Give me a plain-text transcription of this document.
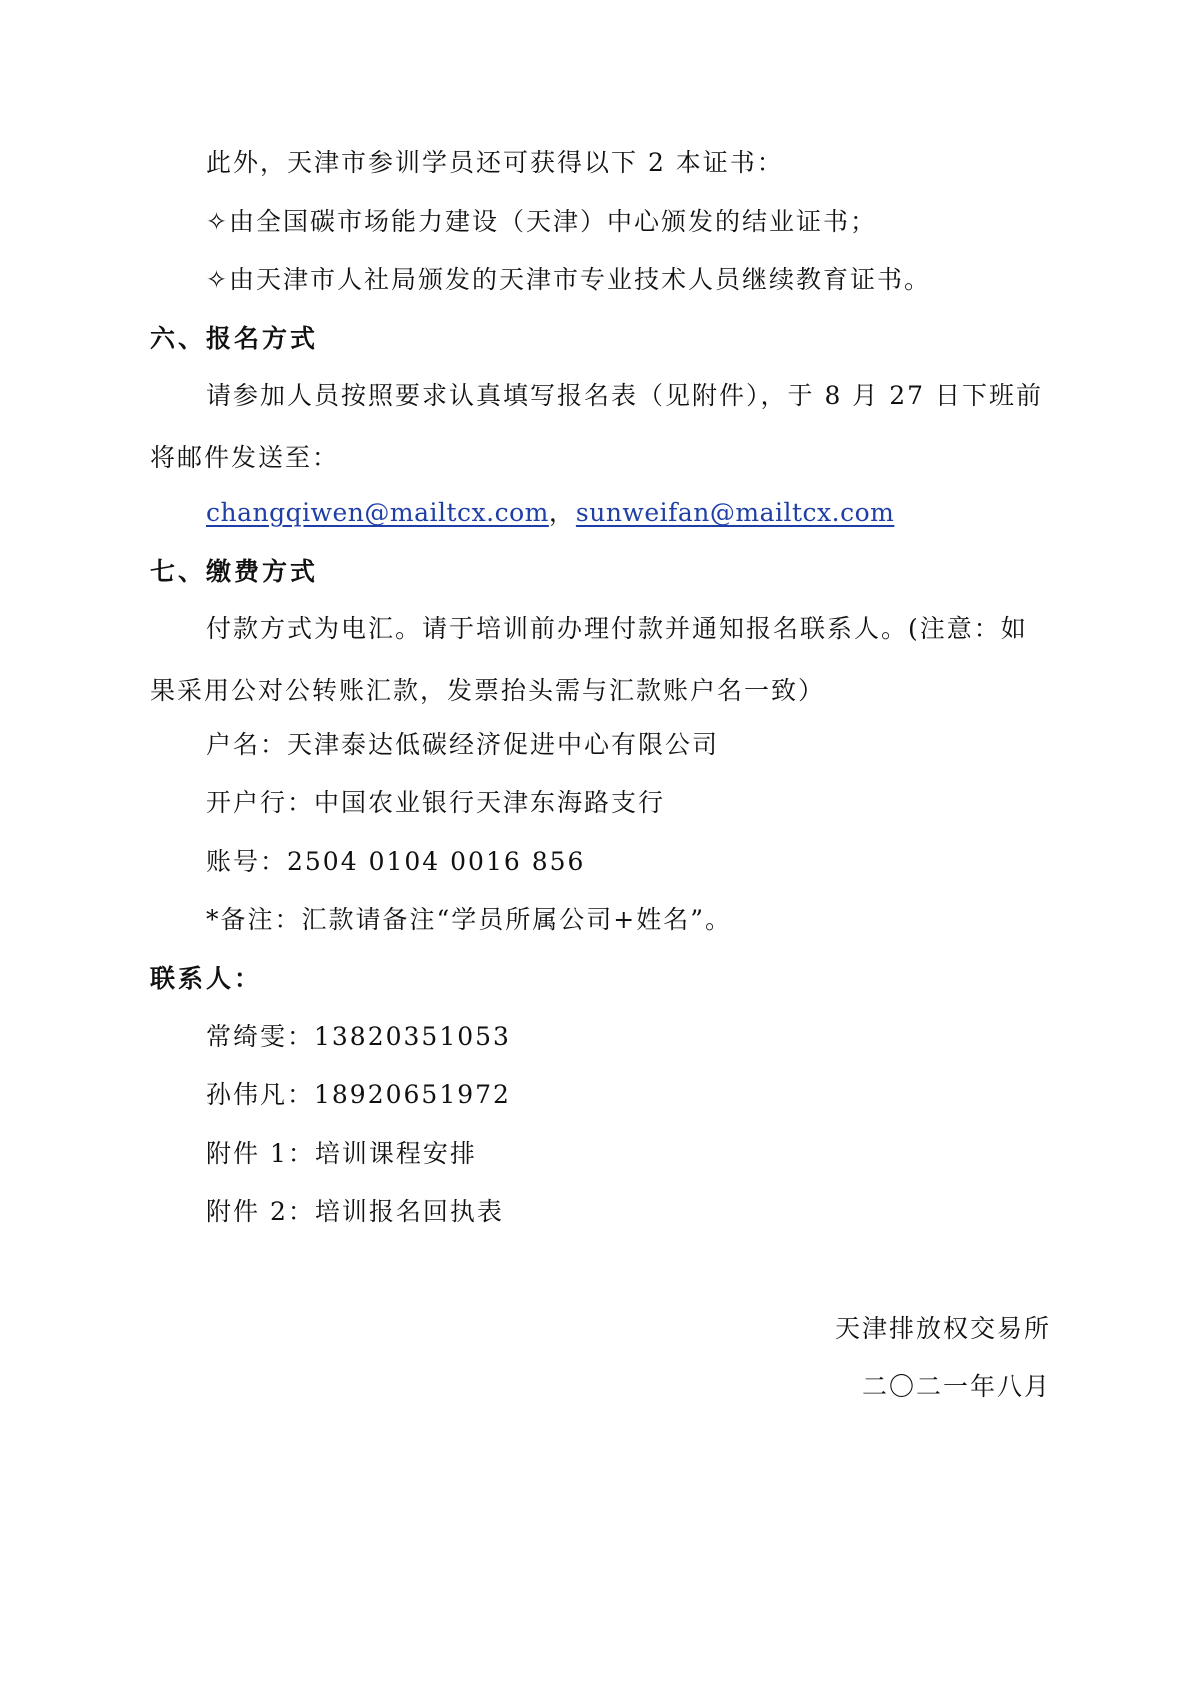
此外，天津市参训学员还可获得以下 2 本证书：
✧由全国碳市场能力建设（天津）中心颁发的结业证书；
✧由天津市人社局颁发的天津市专业技术人员继续教育证书。
六、报名方式
请参加人员按照要求认真填写报名表（见附件），于 8 月 27 日下班前将邮件发送至：
changqiwen@mailtcx.com，sunweifan@mailtcx.com
七、缴费方式
付款方式为电汇。请于培训前办理付款并通知报名联系人。(注意：如果采用公对公转账汇款，发票抬头需与汇款账户名一致）
户名：天津泰达低碳经济促进中心有限公司
开户行：中国农业银行天津东海路支行
账号：2504 0104 0016 856
*备注：汇款请备注“学员所属公司+姓名”。
联系人：
常绮雯：13820351053
孙伟凡：18920651972
附件 1：培训课程安排
附件 2：培训报名回执表
天津排放权交易所
二〇二一年八月
